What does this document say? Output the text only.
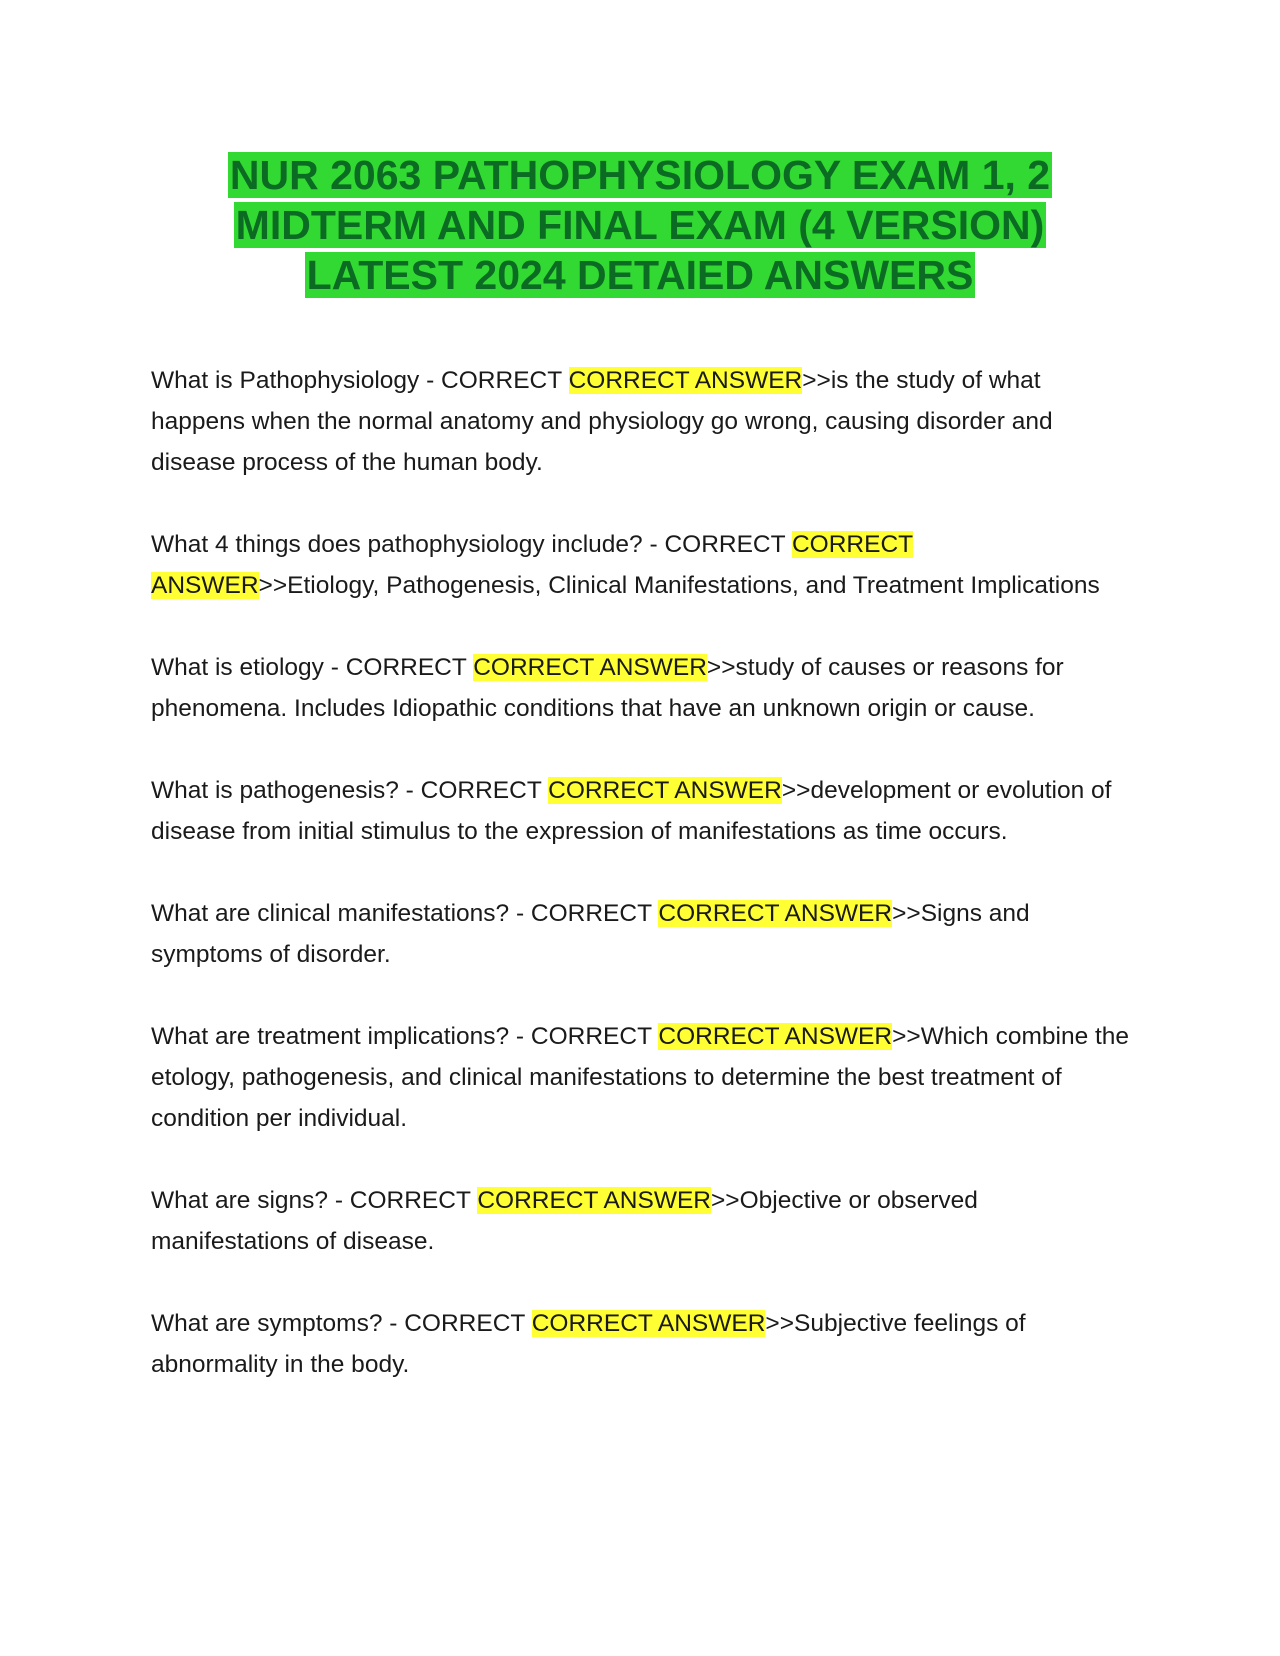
NUR 2063 PATHOPHYSIOLOGY EXAM 1, 2
MIDTERM AND FINAL EXAM (4 VERSION)
LATEST 2024 DETAIED ANSWERS

What is Pathophysiology - CORRECT CORRECT ANSWER>>is the study of what happens when the normal anatomy and physiology go wrong, causing disorder and disease process of the human body.

What 4 things does pathophysiology include? - CORRECT CORRECT ANSWER>>Etiology, Pathogenesis, Clinical Manifestations, and Treatment Implications

What is etiology - CORRECT CORRECT ANSWER>>study of causes or reasons for phenomena. Includes Idiopathic conditions that have an unknown origin or cause.

What is pathogenesis? - CORRECT CORRECT ANSWER>>development or evolution of disease from initial stimulus to the expression of manifestations as time occurs.

What are clinical manifestations? - CORRECT CORRECT ANSWER>>Signs and symptoms of disorder.

What are treatment implications? - CORRECT CORRECT ANSWER>>Which combine the etology, pathogenesis, and clinical manifestations to determine the best treatment of condition per individual.

What are signs? - CORRECT CORRECT ANSWER>>Objective or observed manifestations of disease.

What are symptoms? - CORRECT CORRECT ANSWER>>Subjective feelings of abnormality in the body.
